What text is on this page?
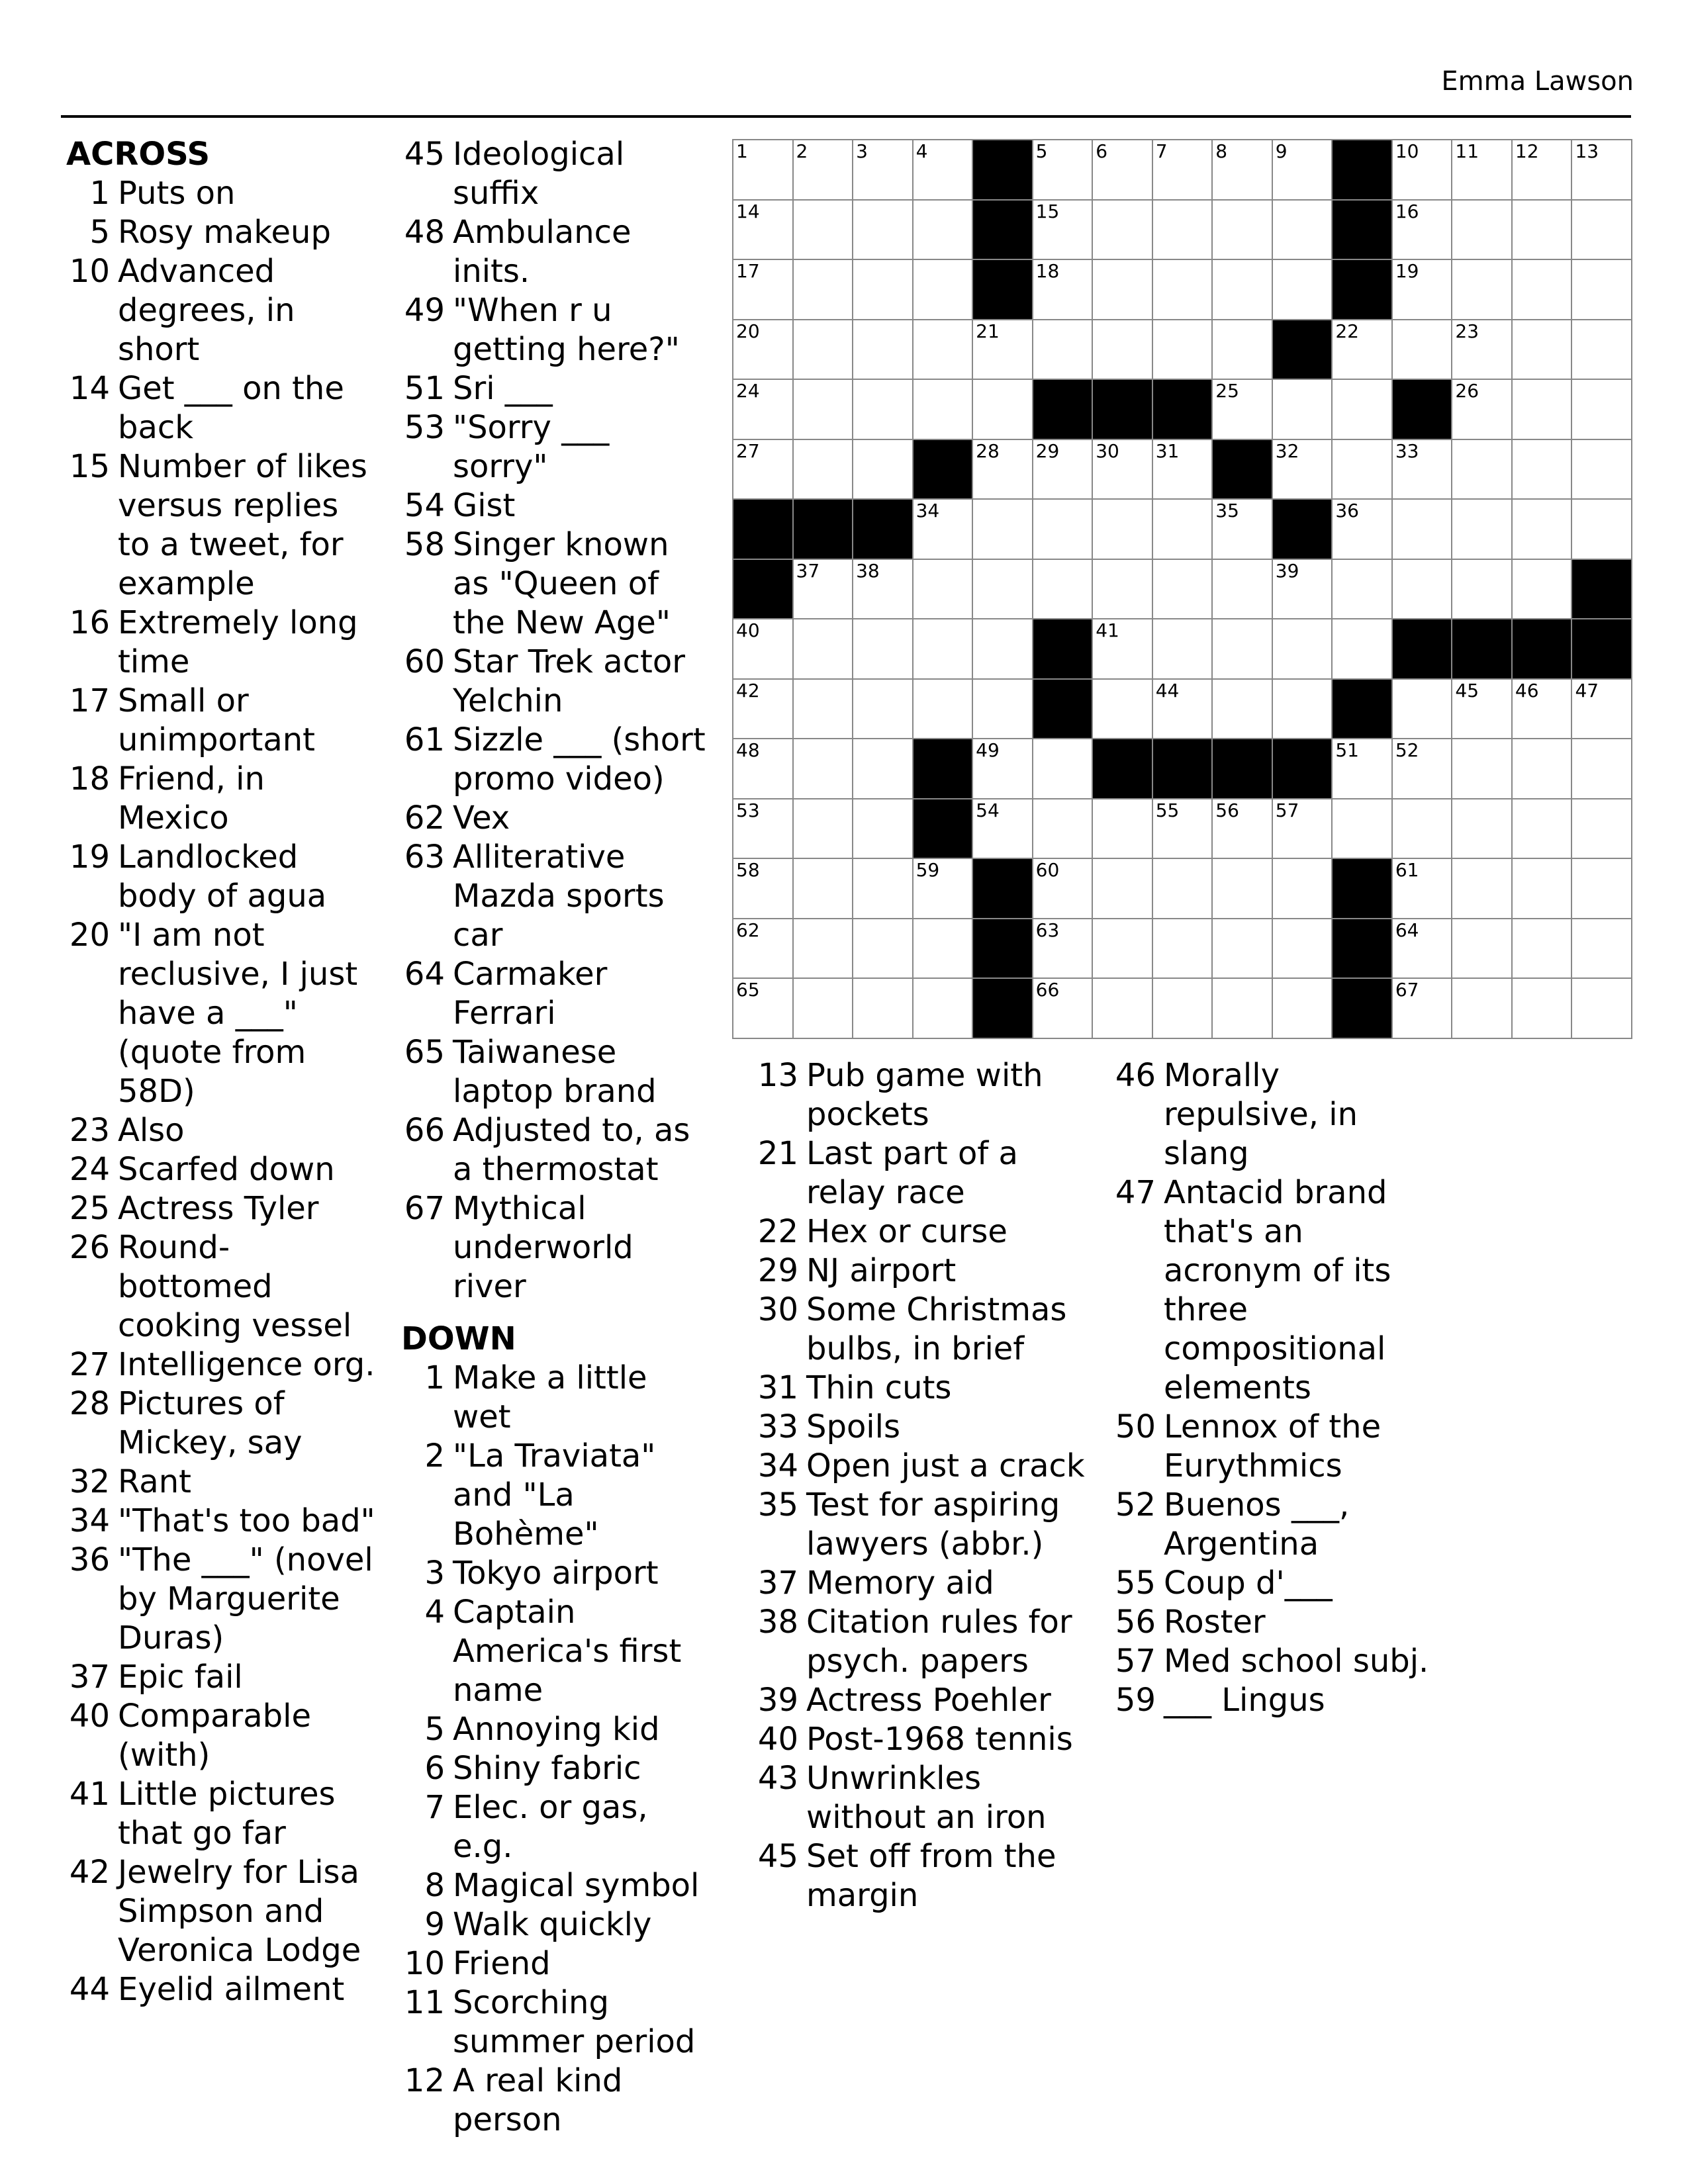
Emma Lawson
ACROSS
1 Puts on
5 Rosy makeup
10 Advanced degrees, in short
14 Get ___ on the back
15 Number of likes versus replies to a tweet, for example
16 Extremely long time
17 Small or unimportant
18 Friend, in Mexico
19 Landlocked body of agua
20 "I am not reclusive, I just have a ___" (quote from 58D)
23 Also
24 Scarfed down
25 Actress Tyler
26 Round-bottomed cooking vessel
27 Intelligence org.
28 Pictures of Mickey, say
32 Rant
34 "That's too bad"
36 "The ___" (novel by Marguerite Duras)
37 Epic fail
40 Comparable (with)
41 Little pictures that go far
42 Jewelry for Lisa Simpson and Veronica Lodge
44 Eyelid ailment
45 Ideological suffix
48 Ambulance inits.
49 "When r u getting here?"
51 Sri ___
53 "Sorry ___ sorry"
54 Gist
58 Singer known as "Queen of the New Age"
60 Star Trek actor Yelchin
61 Sizzle ___ (short promo video)
62 Vex
63 Alliterative Mazda sports car
64 Carmaker Ferrari
65 Taiwanese laptop brand
66 Adjusted to, as a thermostat
67 Mythical underworld river
DOWN
1 Make a little wet
2 "La Traviata" and "La Bohème"
3 Tokyo airport
4 Captain America's first name
5 Annoying kid
6 Shiny fabric
7 Elec. or gas, e.g.
8 Magical symbol
9 Walk quickly
10 Friend
11 Scorching summer period
12 A real kind person
13 Pub game with pockets
21 Last part of a relay race
22 Hex or curse
29 NJ airport
30 Some Christmas bulbs, in brief
31 Thin cuts
33 Spoils
34 Open just a crack
35 Test for aspiring lawyers (abbr.)
37 Memory aid
38 Citation rules for psych. papers
39 Actress Poehler
40 Post-1968 tennis
43 Unwrinkles without an iron
45 Set off from the margin
46 Morally repulsive, in slang
47 Antacid brand that's an acronym of its three compositional elements
50 Lennox of the Eurythmics
52 Buenos ___, Argentina
55 Coup d'___
56 Roster
57 Med school subj.
59 ___ Lingus
1	2	3	4	5	6	7	8	9	10 11 12 13
14	15	16
17	18	19
20	21	22	23
24	25	26
27	28 29 30 31	32	33
34	35	36
37 38	39
40	41
42	44	45 46 47
48	49	51 52
53	54	55 56 57
58	59	60	61
62	63	64
65	66	67
